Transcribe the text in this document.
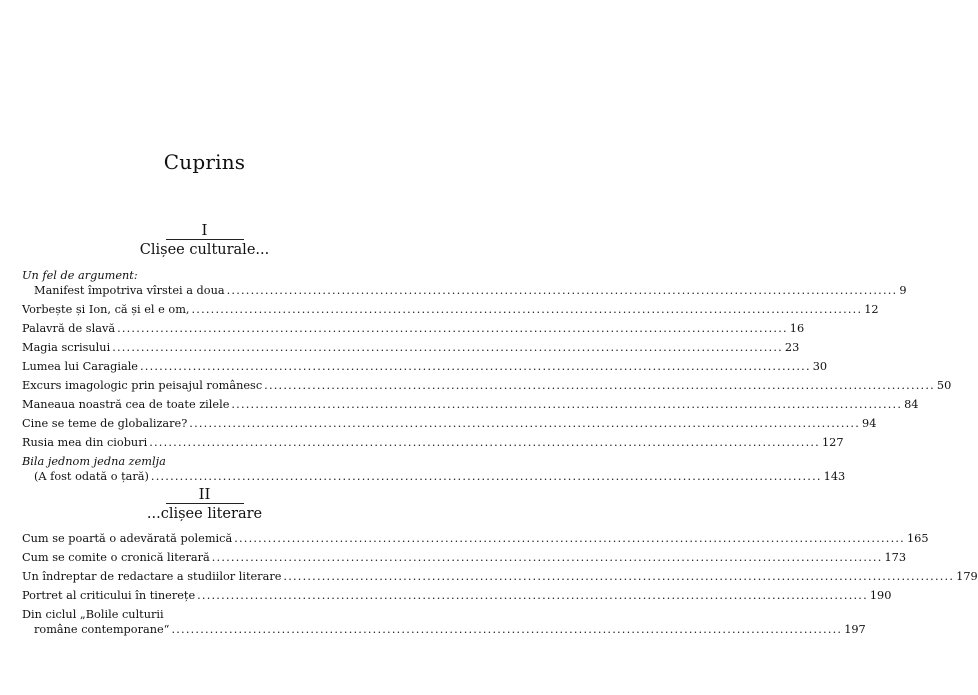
Cuprins
I
Clișee culturale...
Un fel de argument:
Manifest împotriva vîrstei a doua ............................................................................................................................................ 9
Vorbește și Ion, că și el e om, ............................................................................................................................................ 12
Palavră de slavă ............................................................................................................................................ 16
Magia scrisului ............................................................................................................................................ 23
Lumea lui Caragiale ............................................................................................................................................ 30
Excurs imagologic prin peisajul românesc ............................................................................................................................................ 50
Maneaua noastră cea de toate zilele ............................................................................................................................................ 84
Cine se teme de globalizare? ............................................................................................................................................ 94
Rusia mea din cioburi ............................................................................................................................................ 127
Bila jednom jedna zemlja
(A fost odată o țară) ............................................................................................................................................ 143
II
...clișee literare
Cum se poartă o adevărată polemică ............................................................................................................................................ 165
Cum se comite o cronică literară ............................................................................................................................................ 173
Un îndreptar de redactare a studiilor literare ............................................................................................................................................ 179
Portret al criticului în tinerețe ............................................................................................................................................ 190
Din ciclul „Bolile culturii
române contemporane“ ............................................................................................................................................ 197
